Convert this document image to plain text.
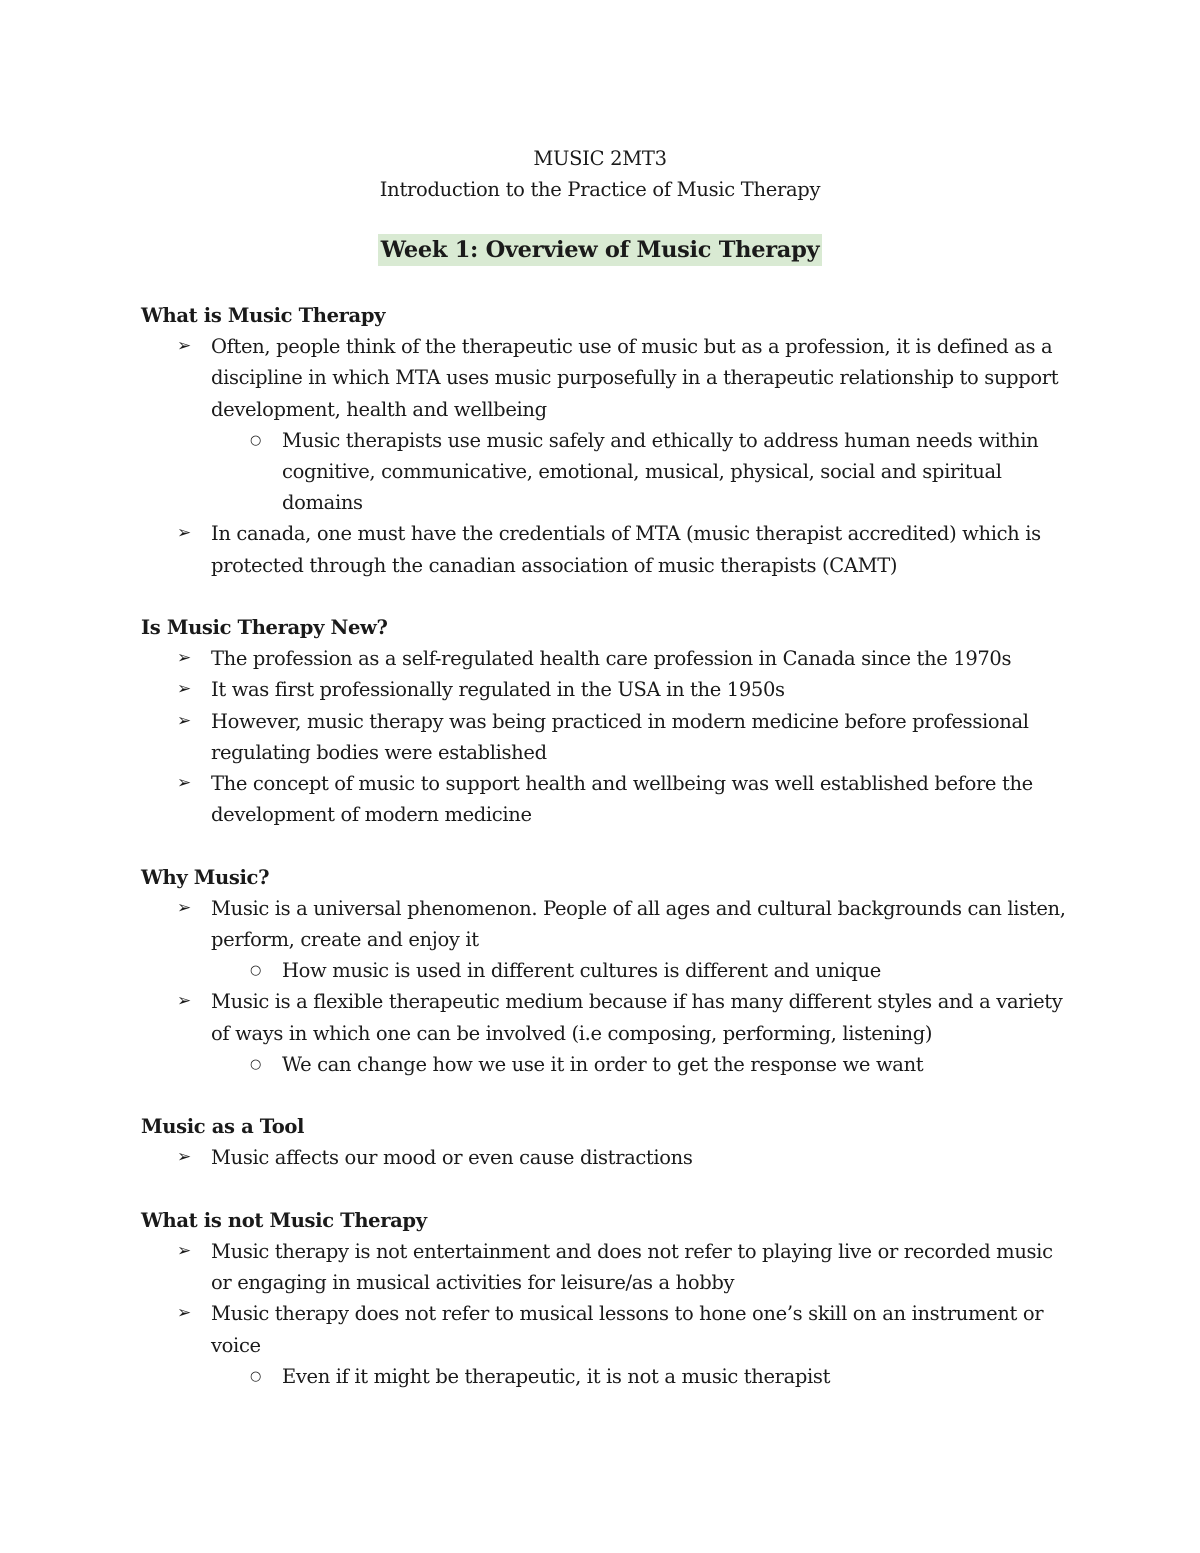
MUSIC 2MT3
Introduction to the Practice of Music Therapy
Week 1: Overview of Music Therapy
What is Music Therapy
➢ Often, people think of the therapeutic use of music but as a profession, it is defined as a discipline in which MTA uses music purposefully in a therapeutic relationship to support development, health and wellbeing
○ Music therapists use music safely and ethically to address human needs within cognitive, communicative, emotional, musical, physical, social and spiritual domains
➢ In canada, one must have the credentials of MTA (music therapist accredited) which is protected through the canadian association of music therapists (CAMT)
Is Music Therapy New?
➢ The profession as a self-regulated health care profession in Canada since the 1970s
➢ It was first professionally regulated in the USA in the 1950s
➢ However, music therapy was being practiced in modern medicine before professional regulating bodies were established
➢ The concept of music to support health and wellbeing was well established before the development of modern medicine
Why Music?
➢ Music is a universal phenomenon. People of all ages and cultural backgrounds can listen, perform, create and enjoy it
○ How music is used in different cultures is different and unique
➢ Music is a flexible therapeutic medium because if has many different styles and a variety of ways in which one can be involved (i.e composing, performing, listening)
○ We can change how we use it in order to get the response we want
Music as a Tool
➢ Music affects our mood or even cause distractions
What is not Music Therapy
➢ Music therapy is not entertainment and does not refer to playing live or recorded music or engaging in musical activities for leisure/as a hobby
➢ Music therapy does not refer to musical lessons to hone one’s skill on an instrument or voice
○ Even if it might be therapeutic, it is not a music therapist
